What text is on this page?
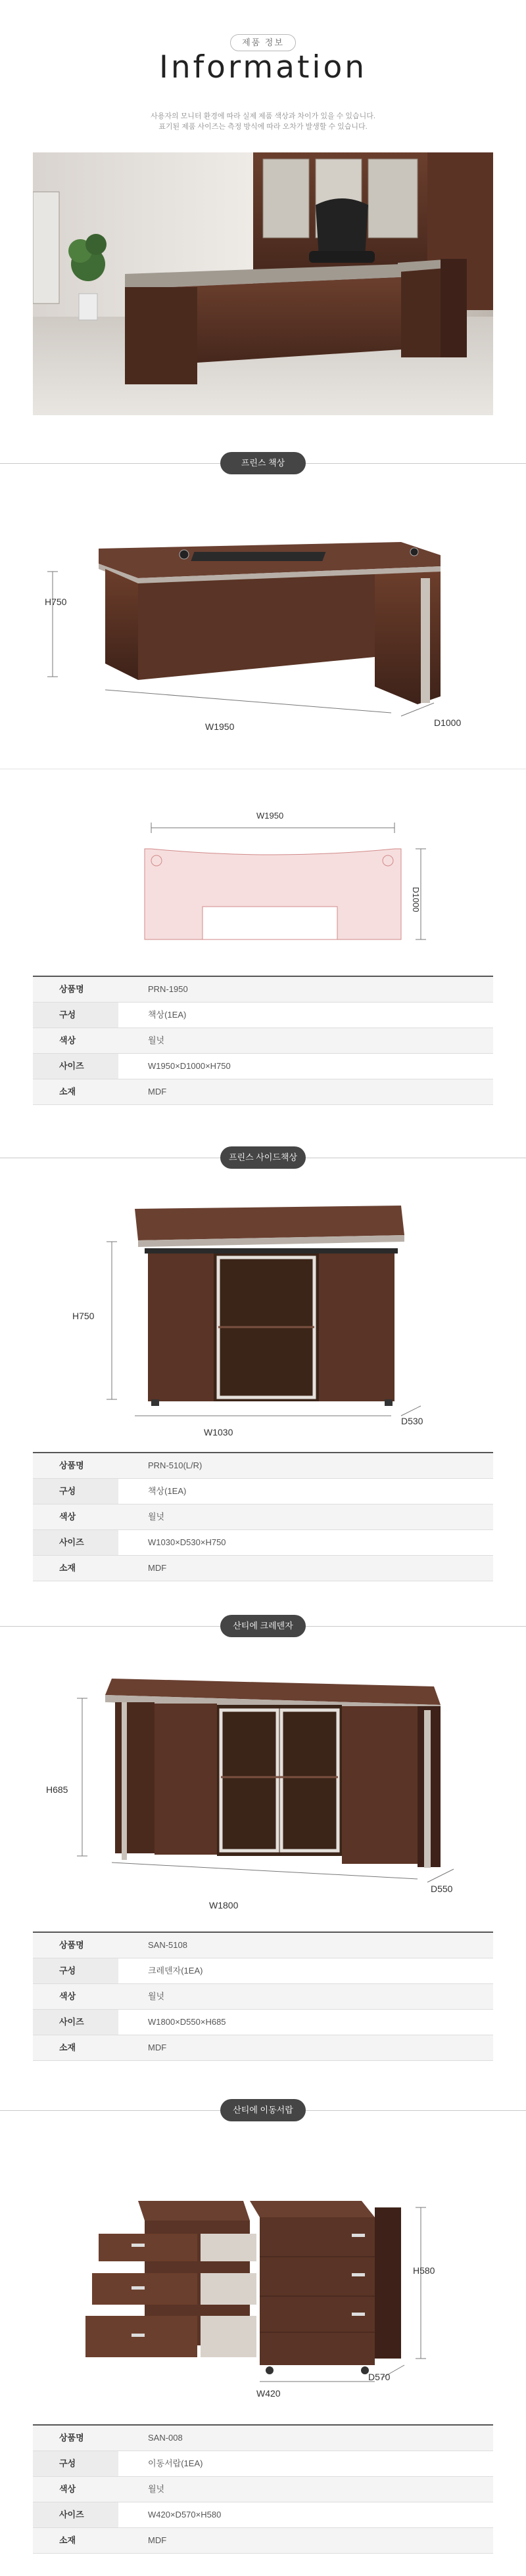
제품 정보
Information
사용자의 모니터 환경에 따라 실제 제품 색상과 차이가 있을 수 있습니다.
표기된 제품 사이즈는 측정 방식에 따라 오차가 발생할 수 있습니다.
프린스 책상
H750
W1950	D1000
W1950
D1000
상품명	PRN-1950
구성	책상(1EA)
색상	월넛
사이즈	W1950×D1000×H750
소재	MDF
프린스 사이드책상
H750
W1030
D530
상품명	PRN-510(L/R)
구성	책상(1EA)
색상	월넛
사이즈	W1030×D530×H750
소재	MDF
산티에 크레덴자
H685
W1800
D550
상품명	SAN-5108
구성	크레덴자(1EA)
색상	월넛
사이즈	W1800×D550×H685
소재	MDF
산티에 이동서랍
H580
W420
D570
상품명	SAN-008
구성	이동서랍(1EA)
색상	월넛
사이즈	W420×D570×H580
소재	MDF
